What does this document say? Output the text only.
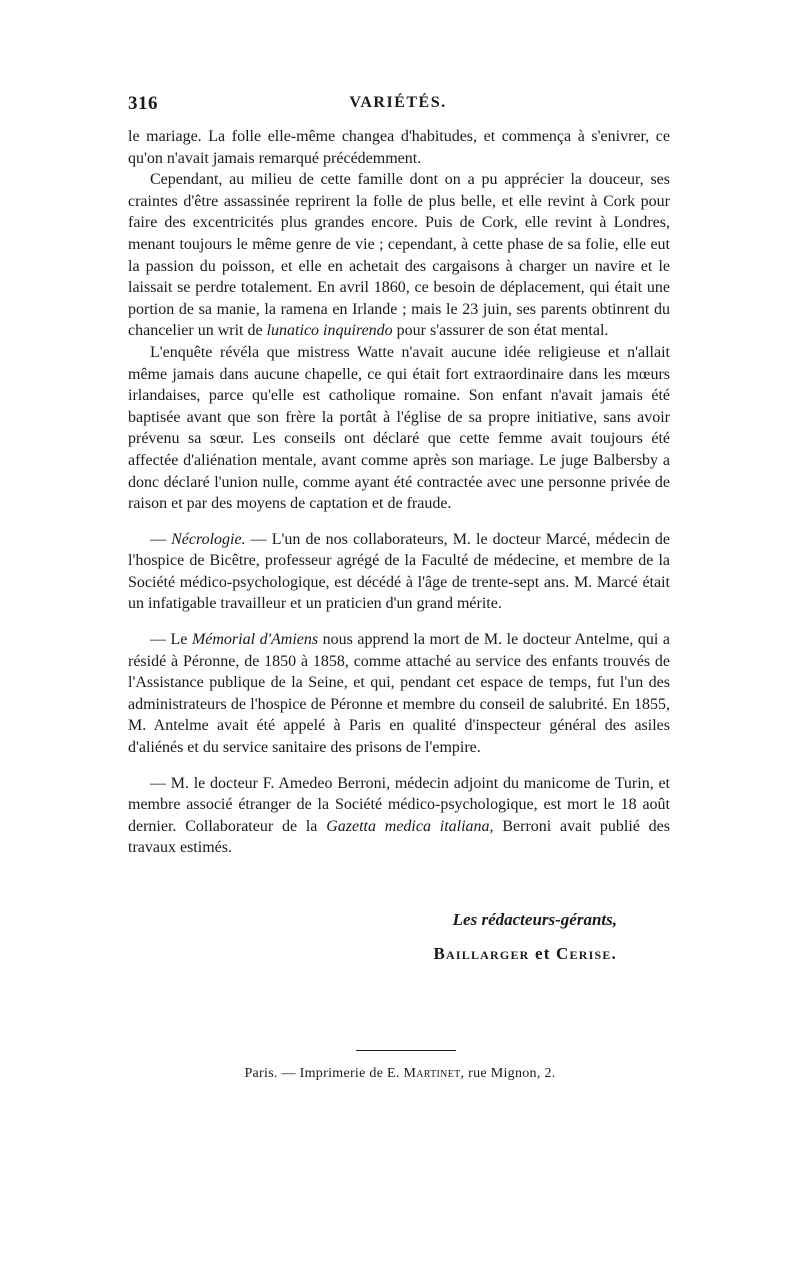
316	VARIÉTÉS.

le mariage. La folle elle-même changea d'habitudes, et commença à s'enivrer, ce qu'on n'avait jamais remarqué précédemment.

Cependant, au milieu de cette famille dont on a pu apprécier la douceur, ses craintes d'être assassinée reprirent la folle de plus belle, et elle revint à Cork pour faire des excentricités plus grandes encore. Puis de Cork, elle revint à Londres, menant toujours le même genre de vie ; cependant, à cette phase de sa folie, elle eut la passion du poisson, et elle en achetait des cargaisons à charger un navire et le laissait se perdre totalement. En avril 1860, ce besoin de déplacement, qui était une portion de sa manie, la ramena en Irlande ; mais le 23 juin, ses parents obtinrent du chancelier un writ de lunatico inquirendo pour s'assurer de son état mental.

L'enquête révéla que mistress Watte n'avait aucune idée religieuse et n'allait même jamais dans aucune chapelle, ce qui était fort extraordinaire dans les mœurs irlandaises, parce qu'elle est catholique romaine. Son enfant n'avait jamais été baptisée avant que son frère la portât à l'église de sa propre initiative, sans avoir prévenu sa sœur. Les conseils ont déclaré que cette femme avait toujours été affectée d'aliénation mentale, avant comme après son mariage. Le juge Balbersby a donc déclaré l'union nulle, comme ayant été contractée avec une personne privée de raison et par des moyens de captation et de fraude.

— Nécrologie. — L'un de nos collaborateurs, M. le docteur Marcé, médecin de l'hospice de Bicêtre, professeur agrégé de la Faculté de médecine, et membre de la Société médico-psychologique, est décédé à l'âge de trente-sept ans. M. Marcé était un infatigable travailleur et un praticien d'un grand mérite.

— Le Mémorial d'Amiens nous apprend la mort de M. le docteur Antelme, qui a résidé à Péronne, de 1850 à 1858, comme attaché au service des enfants trouvés de l'Assistance publique de la Seine, et qui, pendant cet espace de temps, fut l'un des administrateurs de l'hospice de Péronne et membre du conseil de salubrité. En 1855, M. Antelme avait été appelé à Paris en qualité d'inspecteur général des asiles d'aliénés et du service sanitaire des prisons de l'empire.

— M. le docteur F. Amedeo Berroni, médecin adjoint du manicome de Turin, et membre associé étranger de la Société médico-psychologique, est mort le 18 août dernier. Collaborateur de la Gazetta medica italiana, Berroni avait publié des travaux estimés.

Les rédacteurs-gérants,
Baillarger et Cerise.
Paris. — Imprimerie de E. Martinet, rue Mignon, 2.
